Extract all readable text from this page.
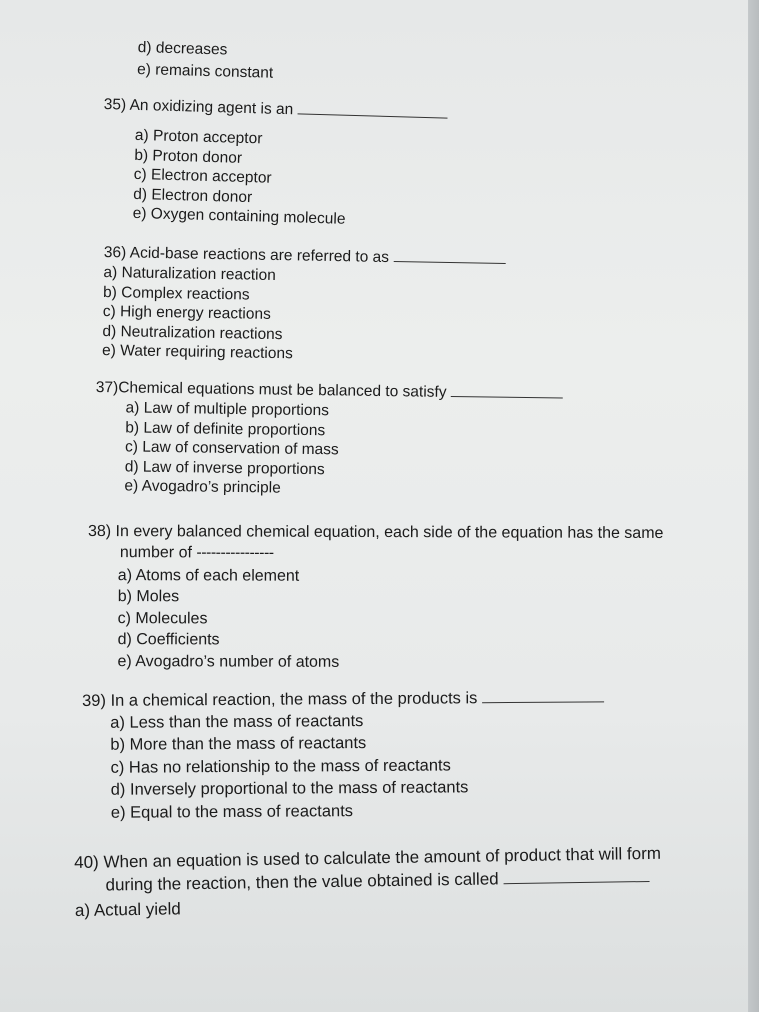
d) decreases
e) remains constant
35) An oxidizing agent is an
a) Proton acceptor
b) Proton donor
c) Electron acceptor
d) Electron donor
e) Oxygen containing molecule
36) Acid-base reactions are referred to as
a) Naturalization reaction
b) Complex reactions
c) High energy reactions
d) Neutralization reactions
e) Water requiring reactions
37)Chemical equations must be balanced to satisfy
a) Law of multiple proportions
b) Law of definite proportions
c) Law of conservation of mass
d) Law of inverse proportions
e) Avogadro’s principle
38) In every balanced chemical equation, each side of the equation has the same
number of ----------------
a) Atoms of each element
b) Moles
c) Molecules
d) Coefficients
e) Avogadro’s number of atoms
39) In a chemical reaction, the mass of the products is
a) Less than the mass of reactants
b) More than the mass of reactants
c) Has no relationship to the mass of reactants
d) Inversely proportional to the mass of reactants
e) Equal to the mass of reactants
40) When an equation is used to calculate the amount of product that will form
during the reaction, then the value obtained is called
a) Actual yield
